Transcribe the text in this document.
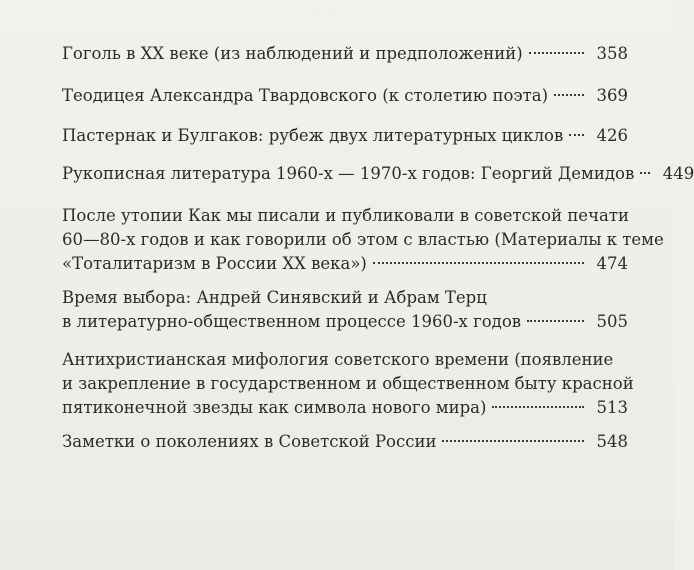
·····
Гоголь в XX веке (из наблюдений и предположений)	358
Теодицея Александра Твардовского (к столетию поэта)	369
Пастернак и Булгаков: рубеж двух литературных циклов 426
Рукописная литература 1960-х — 1970-х годов: Георгий Демидов 449
После утопии Как мы писали и публиковали в советской печати
60—80-х годов и как говорили об этом с властью (Материалы к теме
«Тоталитаризм в России XX века»)	474
Время выбора: Андрей Синявский и Абрам Терц
в литературно-общественном процессе 1960-х годов	505
Антихристианская мифология советского времени (появление
и закрепление в государственном и общественном быту красной
пятиконечной звезды как символа нового мира)	513
Заметки о поколениях в Советской России	548
